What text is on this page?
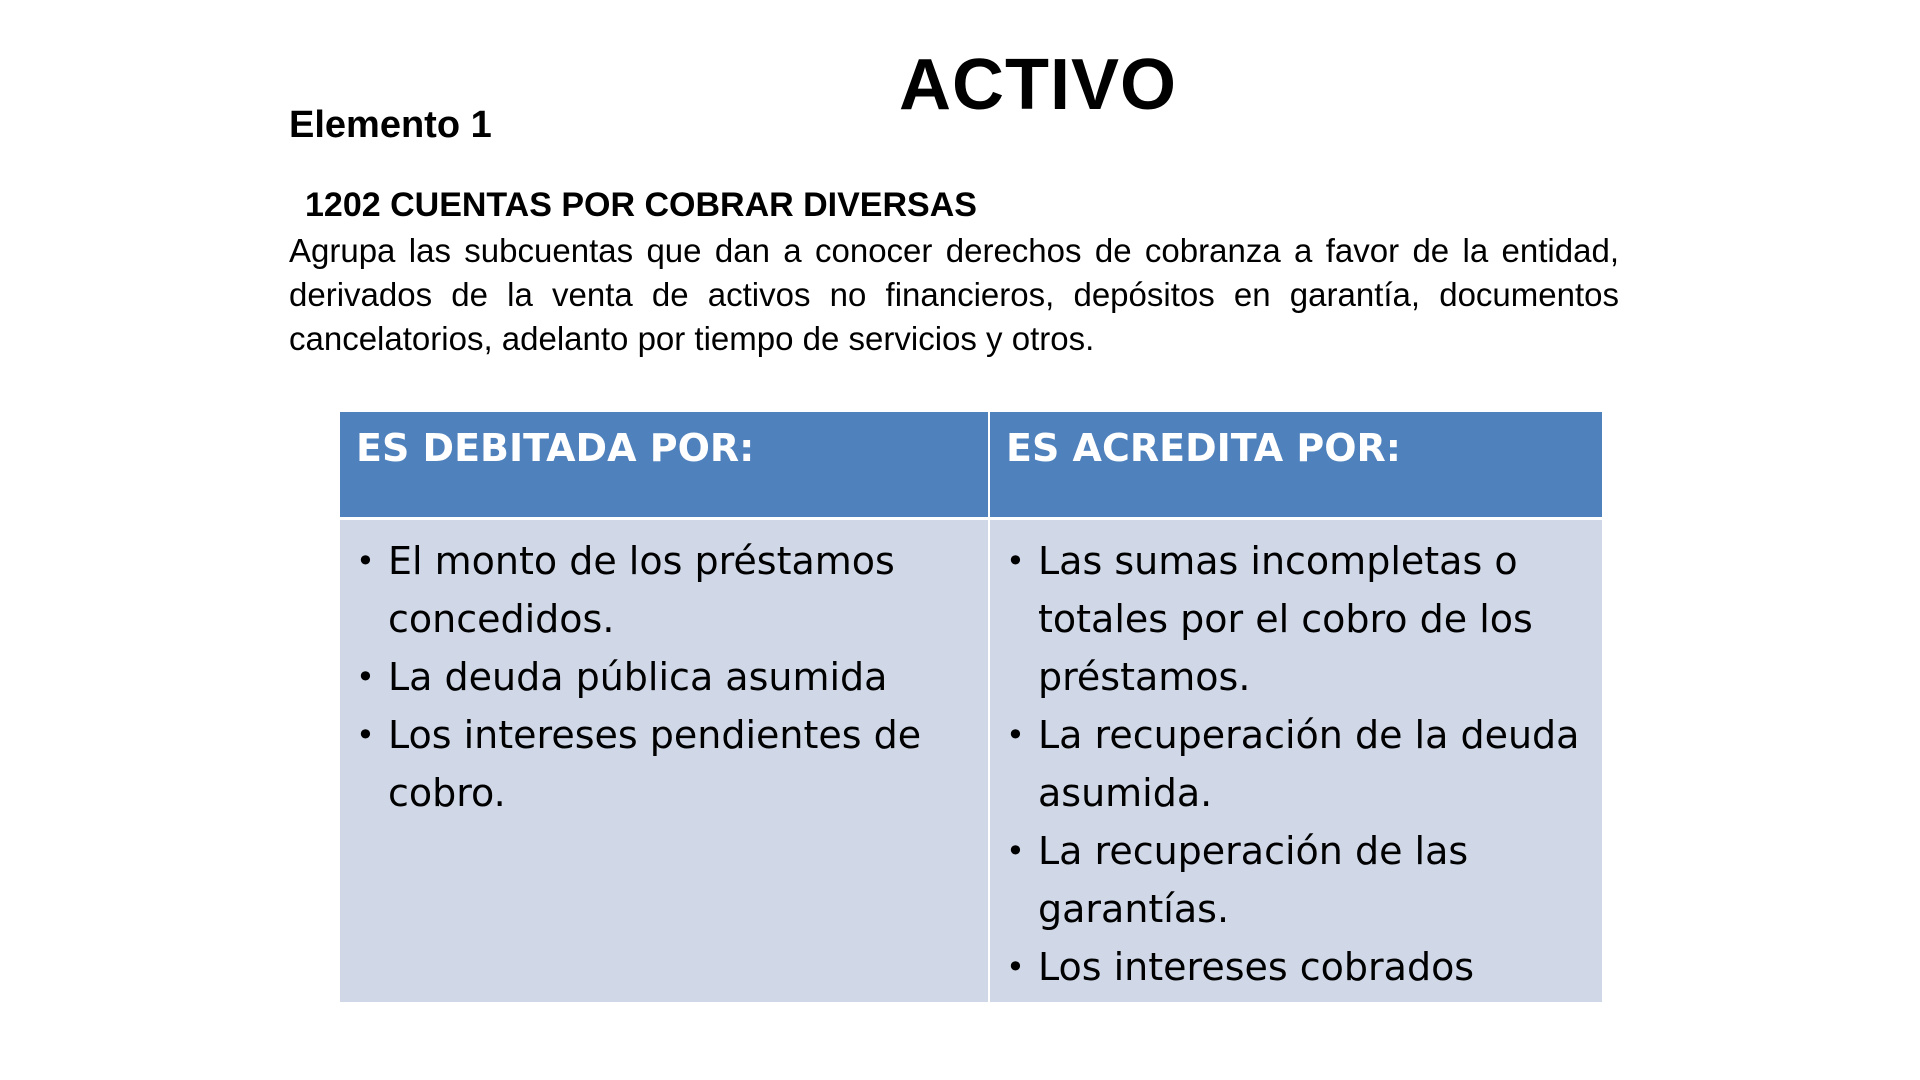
ACTIVO
Elemento 1
1202 CUENTAS POR COBRAR DIVERSAS
Agrupa las subcuentas que dan a conocer derechos de cobranza a favor de la entidad, derivados de la venta de activos no financieros, depósitos en garantía, documentos cancelatorios, adelanto por tiempo de servicios y otros.
ES DEBITADA POR:	ES ACREDITA POR:
• El monto de los préstamos concedidos.
• La deuda pública asumida
• Los intereses pendientes de cobro.
• Las sumas incompletas o totales por el cobro de los préstamos.
• La recuperación de la deuda asumida.
• La recuperación de las garantías.
• Los intereses cobrados
